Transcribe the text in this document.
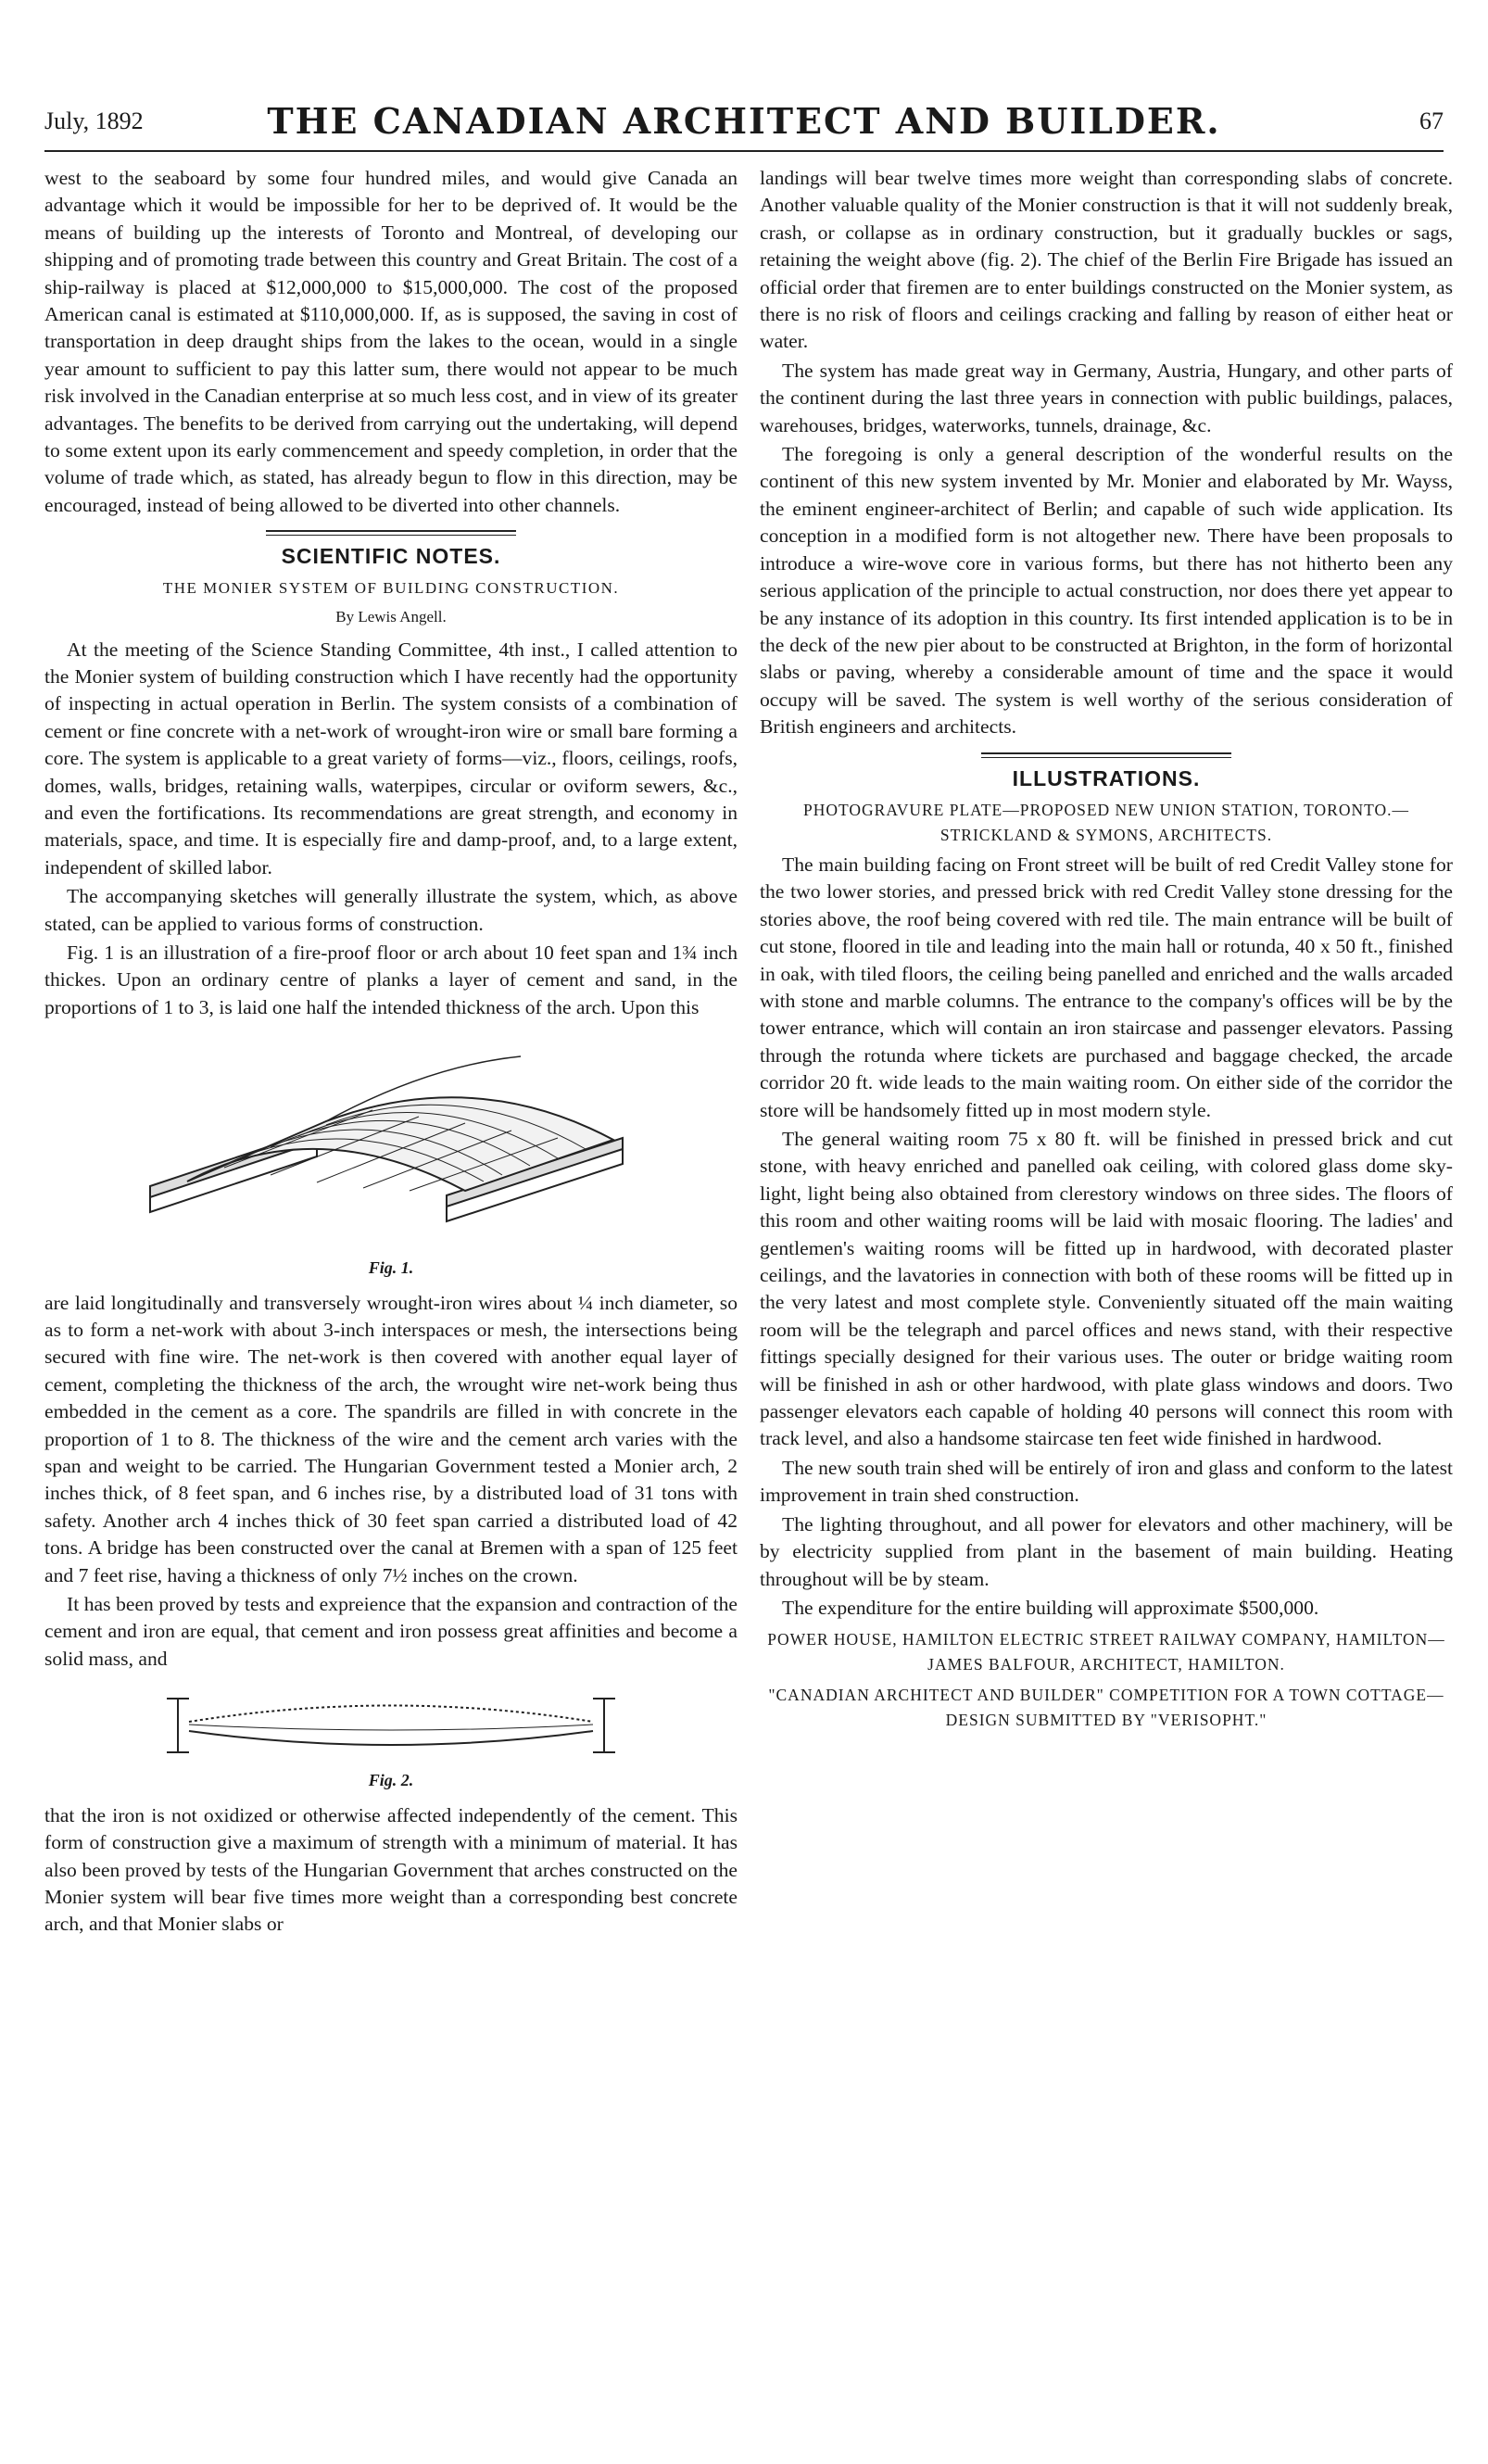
July, 1892	THE CANADIAN ARCHITECT AND BUILDER.	67

west to the seaboard by some four hundred miles, and would give Canada an advantage which it would be impossible for her to be deprived of. It would be the means of building up the interests of Toronto and Montreal, of developing our shipping and of promoting trade between this country and Great Britain. The cost of a ship-railway is placed at $12,000,000 to $15,000,000. The cost of the proposed American canal is estimated at $110,000,000. If, as is supposed, the saving in cost of transportation in deep draught ships from the lakes to the ocean, would in a single year amount to sufficient to pay this latter sum, there would not appear to be much risk involved in the Canadian enterprise at so much less cost, and in view of its greater advantages. The benefits to be derived from carrying out the undertaking, will depend to some extent upon its early commencement and speedy completion, in order that the volume of trade which, as stated, has already begun to flow in this direction, may be encouraged, instead of being allowed to be diverted into other channels.

SCIENTIFIC NOTES.
THE MONIER SYSTEM OF BUILDING CONSTRUCTION.
By Lewis Angell.

At the meeting of the Science Standing Committee, 4th inst., I called attention to the Monier system of building construction which I have recently had the opportunity of inspecting in actual operation in Berlin. The system consists of a combination of cement or fine concrete with a net-work of wrought-iron wire or small bare forming a core. The system is applicable to a great variety of forms—viz., floors, ceilings, roofs, domes, walls, bridges, retaining walls, waterpipes, circular or oviform sewers, &c., and even the fortifications. Its recommendations are great strength, and economy in materials, space, and time. It is especially fire and damp-proof, and, to a large extent, independent of skilled labor.

The accompanying sketches will generally illustrate the system, which, as above stated, can be applied to various forms of construction.

Fig. 1 is an illustration of a fire-proof floor or arch about 10 feet span and 1¾ inch thickes. Upon an ordinary centre of planks a layer of cement and sand, in the proportions of 1 to 3, is laid one half the intended thickness of the arch. Upon this

Fig. 1.

are laid longitudinally and transversely wrought-iron wires about ¼ inch diameter, so as to form a net-work with about 3-inch interspaces or mesh, the intersections being secured with fine wire. The net-work is then covered with another equal layer of cement, completing the thickness of the arch, the wrought wire net-work being thus embedded in the cement as a core. The spandrils are filled in with concrete in the proportion of 1 to 8. The thickness of the wire and the cement arch varies with the span and weight to be carried. The Hungarian Government tested a Monier arch, 2 inches thick, of 8 feet span, and 6 inches rise, by a distributed load of 31 tons with safety. Another arch 4 inches thick of 30 feet span carried a distributed load of 42 tons. A bridge has been constructed over the canal at Bremen with a span of 125 feet and 7 feet rise, having a thickness of only 7½ inches on the crown.

It has been proved by tests and expreience that the expansion and contraction of the cement and iron are equal, that cement and iron possess great affinities and become a solid mass, and

Fig. 2.

that the iron is not oxidized or otherwise affected independently of the cement. This form of construction give a maximum of strength with a minimum of material. It has also been proved by tests of the Hungarian Government that arches constructed on the Monier system will bear five times more weight than a corresponding best concrete arch, and that Monier slabs or

landings will bear twelve times more weight than corresponding slabs of concrete. Another valuable quality of the Monier construction is that it will not suddenly break, crash, or collapse as in ordinary construction, but it gradually buckles or sags, retaining the weight above (fig. 2). The chief of the Berlin Fire Brigade has issued an official order that firemen are to enter buildings constructed on the Monier system, as there is no risk of floors and ceilings cracking and falling by reason of either heat or water.

The system has made great way in Germany, Austria, Hungary, and other parts of the continent during the last three years in connection with public buildings, palaces, warehouses, bridges, waterworks, tunnels, drainage, &c.

The foregoing is only a general description of the wonderful results on the continent of this new system invented by Mr. Monier and elaborated by Mr. Wayss, the eminent engineer-architect of Berlin; and capable of such wide application. Its conception in a modified form is not altogether new. There have been proposals to introduce a wire-wove core in various forms, but there has not hitherto been any serious application of the principle to actual construction, nor does there yet appear to be any instance of its adoption in this country. Its first intended application is to be in the deck of the new pier about to be constructed at Brighton, in the form of horizontal slabs or paving, whereby a considerable amount of time and the space it would occupy will be saved. The system is well worthy of the serious consideration of British engineers and architects.

ILLUSTRATIONS.
PHOTOGRAVURE PLATE—PROPOSED NEW UNION STATION, TORONTO.—STRICKLAND & SYMONS, ARCHITECTS.

The main building facing on Front street will be built of red Credit Valley stone for the two lower stories, and pressed brick with red Credit Valley stone dressing for the stories above, the roof being covered with red tile. The main entrance will be built of cut stone, floored in tile and leading into the main hall or rotunda, 40 x 50 ft., finished in oak, with tiled floors, the ceiling being panelled and enriched and the walls arcaded with stone and marble columns. The entrance to the company's offices will be by the tower entrance, which will contain an iron staircase and passenger elevators. Passing through the rotunda where tickets are purchased and baggage checked, the arcade corridor 20 ft. wide leads to the main waiting room. On either side of the corridor the store will be handsomely fitted up in most modern style.

The general waiting room 75 x 80 ft. will be finished in pressed brick and cut stone, with heavy enriched and panelled oak ceiling, with colored glass dome sky-light, light being also obtained from clerestory windows on three sides. The floors of this room and other waiting rooms will be laid with mosaic flooring. The ladies' and gentlemen's waiting rooms will be fitted up in hardwood, with decorated plaster ceilings, and the lavatories in connection with both of these rooms will be fitted up in the very latest and most complete style. Conveniently situated off the main waiting room will be the telegraph and parcel offices and news stand, with their respective fittings specially designed for their various uses. The outer or bridge waiting room will be finished in ash or other hardwood, with plate glass windows and doors. Two passenger elevators each capable of holding 40 persons will connect this room with track level, and also a handsome staircase ten feet wide finished in hardwood.

The new south train shed will be entirely of iron and glass and conform to the latest improvement in train shed construction.

The lighting throughout, and all power for elevators and other machinery, will be by electricity supplied from plant in the basement of main building. Heating throughout will be by steam.

The expenditure for the entire building will approximate $500,000.

POWER HOUSE, HAMILTON ELECTRIC STREET RAILWAY COMPANY, HAMILTON—JAMES BALFOUR, ARCHITECT, HAMILTON.
"CANADIAN ARCHITECT AND BUILDER" COMPETITION FOR A TOWN COTTAGE—DESIGN SUBMITTED BY "VERISOPHT."
